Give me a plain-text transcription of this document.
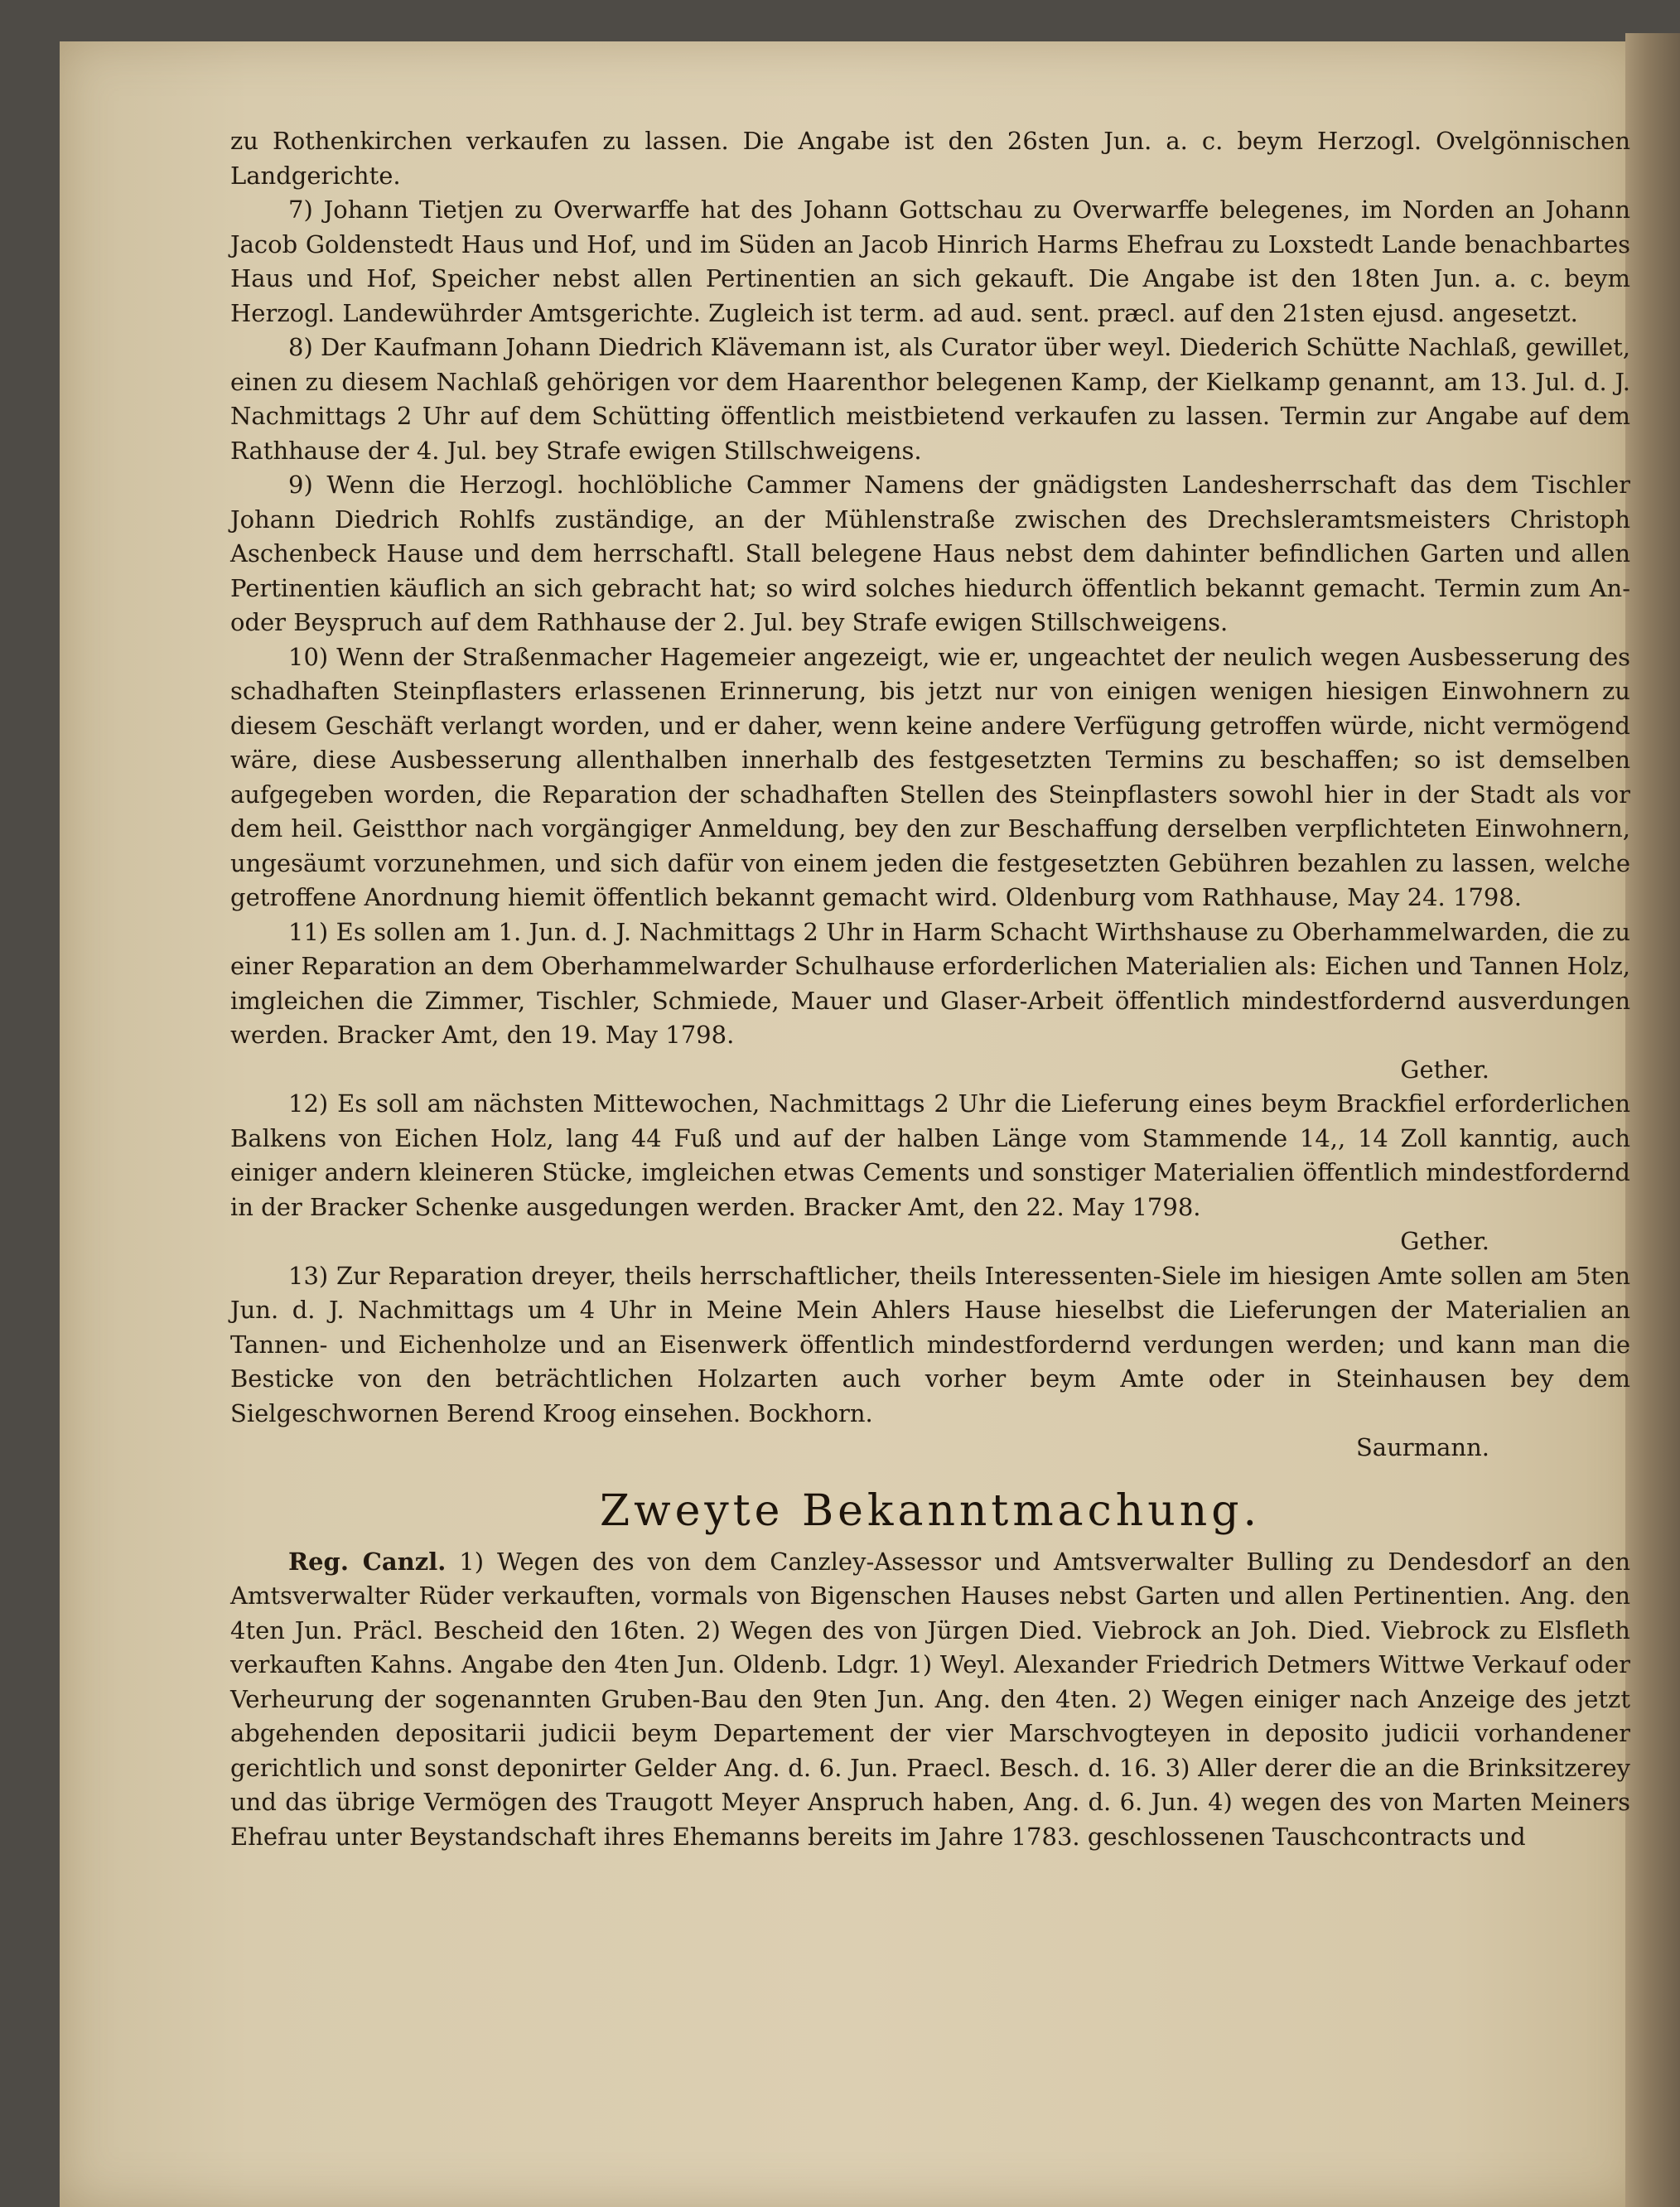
zu Rothenkirchen verkaufen zu lassen. Die Angabe ist den 26sten Jun. a. c. beym Herzogl. Ovelgönnischen Landgerichte.

7) Johann Tietjen zu Overwarffe hat des Johann Gottschau zu Overwarffe belegenes, im Norden an Johann Jacob Goldenstedt Haus und Hof, und im Süden an Jacob Hinrich Harms Ehefrau zu Loxstedt Lande benachbartes Haus und Hof, Speicher nebst allen Pertinentien an sich gekauft. Die Angabe ist den 18ten Jun. a. c. beym Herzogl. Landewührder Amtsgerichte. Zugleich ist term. ad aud. sent. præcl. auf den 21sten ejusd. angesetzt.

8) Der Kaufmann Johann Diedrich Klävemann ist, als Curator über weyl. Diederich Schütte Nachlaß, gewillet, einen zu diesem Nachlaß gehörigen vor dem Haarenthor belegenen Kamp, der Kielkamp genannt, am 13. Jul. d. J. Nachmittags 2 Uhr auf dem Schütting öffentlich meistbietend verkaufen zu lassen. Termin zur Angabe auf dem Rathhause der 4. Jul. bey Strafe ewigen Stillschweigens.

9) Wenn die Herzogl. hochlöbliche Cammer Namens der gnädigsten Landesherrschaft das dem Tischler Johann Diedrich Rohlfs zuständige, an der Mühlenstraße zwischen des Drechsleramtsmeisters Christoph Aschenbeck Hause und dem herrschaftl. Stall belegene Haus nebst dem dahinter befindlichen Garten und allen Pertinentien käuflich an sich gebracht hat; so wird solches hiedurch öffentlich bekannt gemacht. Termin zum An- oder Beyspruch auf dem Rathhause der 2. Jul. bey Strafe ewigen Stillschweigens.

10) Wenn der Straßenmacher Hagemeier angezeigt, wie er, ungeachtet der neulich wegen Ausbesserung des schadhaften Steinpflasters erlassenen Erinnerung, bis jetzt nur von einigen wenigen hiesigen Einwohnern zu diesem Geschäft verlangt worden, und er daher, wenn keine andere Verfügung getroffen würde, nicht vermögend wäre, diese Ausbesserung allenthalben innerhalb des festgesetzten Termins zu beschaffen; so ist demselben aufgegeben worden, die Reparation der schadhaften Stellen des Steinpflasters sowohl hier in der Stadt als vor dem heil. Geistthor nach vorgängiger Anmeldung, bey den zur Beschaffung derselben verpflichteten Einwohnern, ungesäumt vorzunehmen, und sich dafür von einem jeden die festgesetzten Gebühren bezahlen zu lassen, welche getroffene Anordnung hiemit öffentlich bekannt gemacht wird. Oldenburg vom Rathhause, May 24. 1798.

11) Es sollen am 1. Jun. d. J. Nachmittags 2 Uhr in Harm Schacht Wirthshause zu Oberhammelwarden, die zu einer Reparation an dem Oberhammelwarder Schulhause erforderlichen Materialien als: Eichen und Tannen Holz, imgleichen die Zimmer, Tischler, Schmiede, Mauer und Glaser-Arbeit öffentlich mindestfordernd ausverdungen werden. Bracker Amt, den 19. May 1798.
Gether.

12) Es soll am nächsten Mittewochen, Nachmittags 2 Uhr die Lieferung eines beym Brackfiel erforderlichen Balkens von Eichen Holz, lang 44 Fuß und auf der halben Länge vom Stammende 14,, 14 Zoll kanntig, auch einiger andern kleineren Stücke, imgleichen etwas Cements und sonstiger Materialien öffentlich mindestfordernd in der Bracker Schenke ausgedungen werden. Bracker Amt, den 22. May 1798.
Gether.

13) Zur Reparation dreyer, theils herrschaftlicher, theils Interessenten-Siele im hiesigen Amte sollen am 5ten Jun. d. J. Nachmittags um 4 Uhr in Meine Mein Ahlers Hause hieselbst die Lieferungen der Materialien an Tannen- und Eichenholze und an Eisenwerk öffentlich mindestfordernd verdungen werden; und kann man die Besticke von den beträchtlichen Holzarten auch vorher beym Amte oder in Steinhausen bey dem Sielgeschwornen Berend Kroog einsehen. Bockhorn.
Saurmann.

Zweyte Bekanntmachung.

Reg. Canzl. 1) Wegen des von dem Canzley-Assessor und Amtsverwalter Bulling zu Dendesdorf an den Amtsverwalter Rüder verkauften, vormals von Bigenschen Hauses nebst Garten und allen Pertinentien. Ang. den 4ten Jun. Präcl. Bescheid den 16ten. 2) Wegen des von Jürgen Died. Viebrock an Joh. Died. Viebrock zu Elsfleth verkauften Kahns. Angabe den 4ten Jun. Oldenb. Ldgr. 1) Weyl. Alexander Friedrich Detmers Wittwe Verkauf oder Verheurung der sogenannten Gruben-Bau den 9ten Jun. Ang. den 4ten. 2) Wegen einiger nach Anzeige des jetzt abgehenden depositarii judicii beym Departement der vier Marschvogteyen in deposito judicii vorhandener gerichtlich und sonst deponirter Gelder Ang. d. 6. Jun. Praecl. Besch. d. 16. 3) Aller derer die an die Brinksitzerey und das übrige Vermögen des Traugott Meyer Anspruch haben, Ang. d. 6. Jun. 4) wegen des von Marten Meiners Ehefrau unter Beystandschaft ihres Ehemanns bereits im Jahre 1783. geschlossenen Tauschcontracts und
